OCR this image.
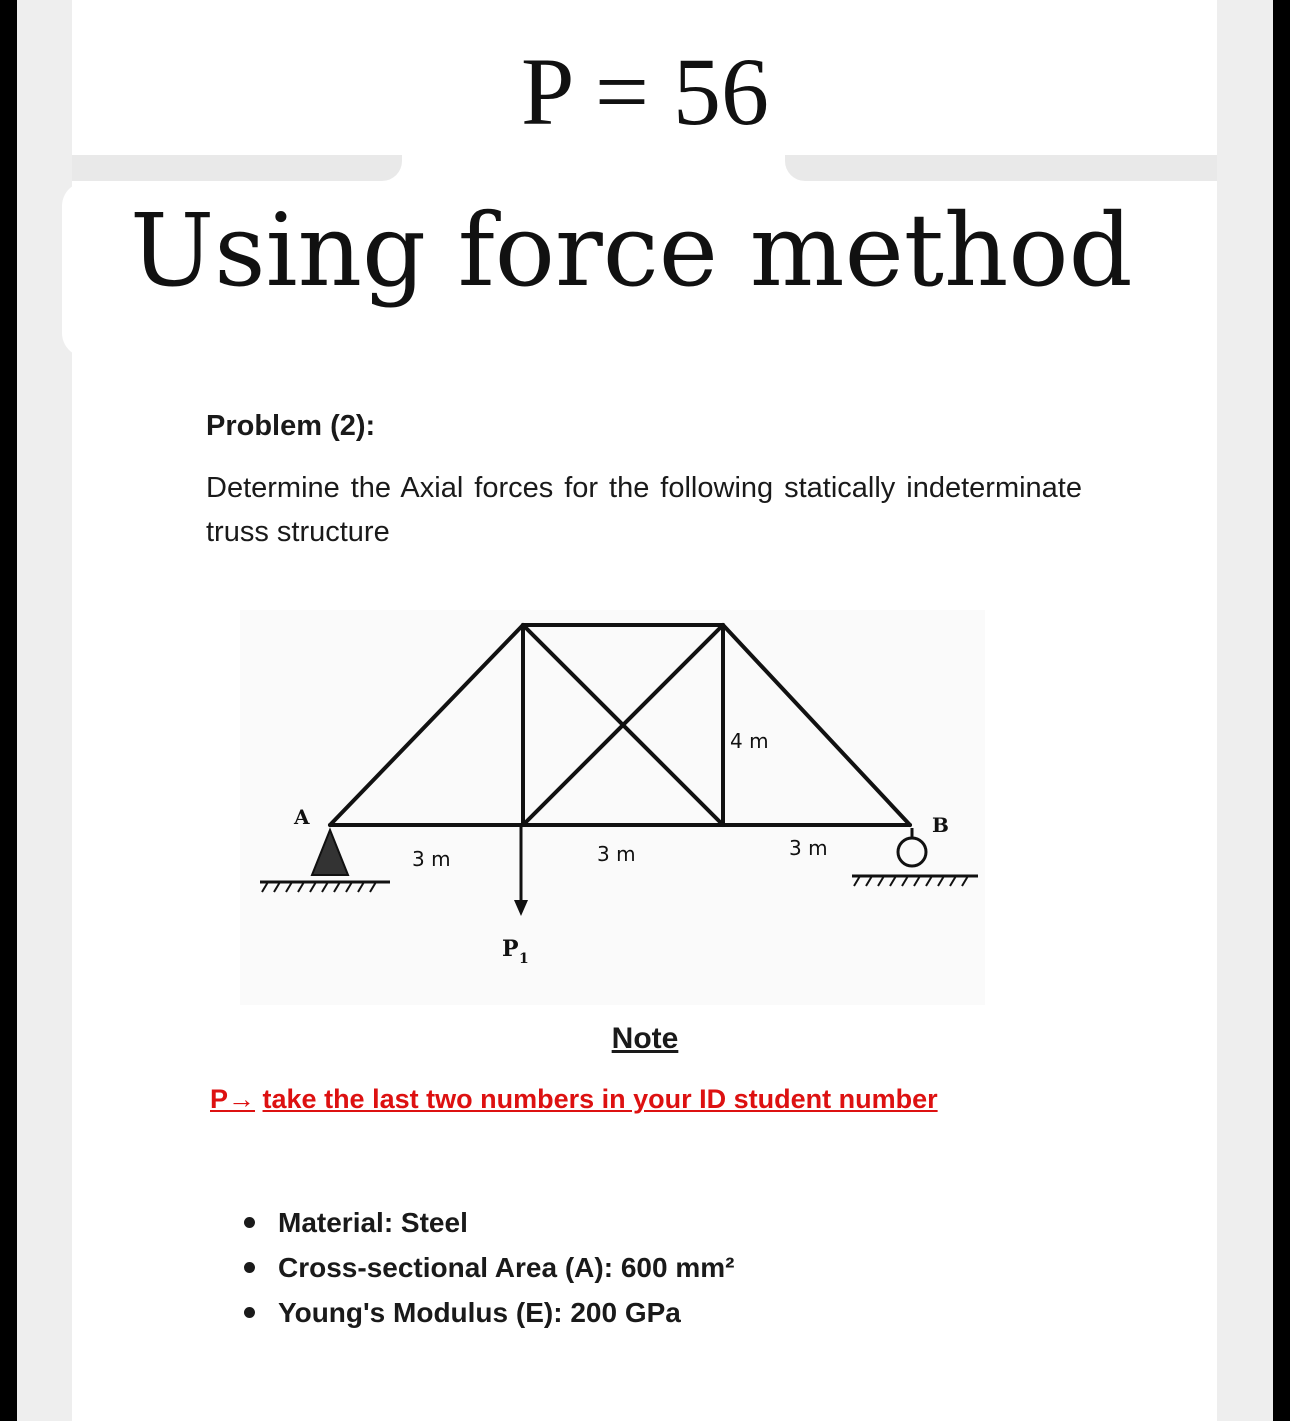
P = 56
Using force method
Problem (2):
Determine the Axial forces for the following statically indeterminate truss structure
A	B
4 m
3 m	3 m	3 m
P 1
Note
P→ take the last two numbers in your ID student number
Material: Steel
Cross-sectional Area (A): 600 mm²
Young's Modulus (E): 200 GPa
